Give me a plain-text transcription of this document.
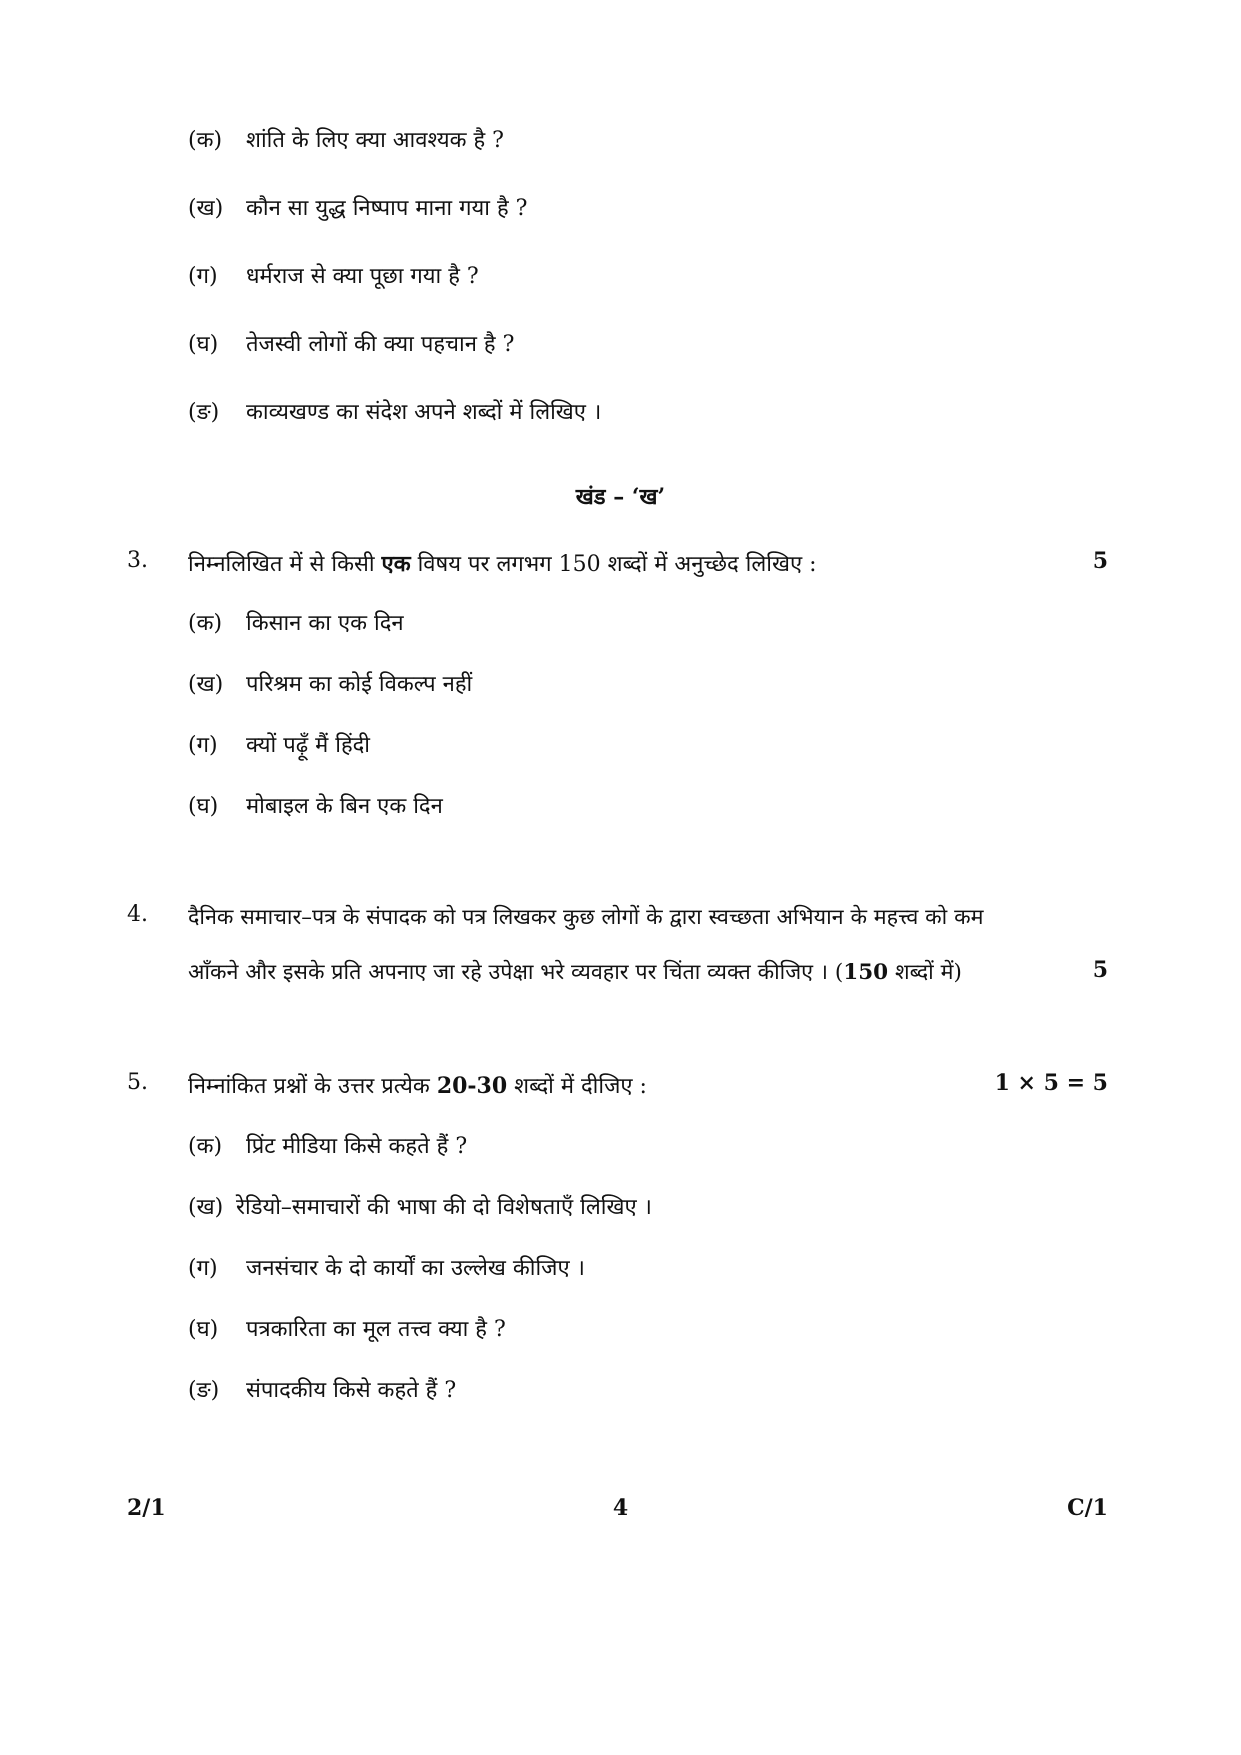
(क) शांति के लिए क्या आवश्यक है ?
(ख) कौन सा युद्ध निष्पाप माना गया है ?
(ग) धर्मराज से क्या पूछा गया है ?
(घ) तेजस्वी लोगों की क्या पहचान है ?
(ङ) काव्यखण्ड का संदेश अपने शब्दों में लिखिए ।
खंड – ‘ख’
3. निम्नलिखित में से किसी एक विषय पर लगभग 150 शब्दों में अनुच्छेद लिखिए :	5
(क) किसान का एक दिन
(ख) परिश्रम का कोई विकल्प नहीं
(ग) क्यों पढ़ूँ मैं हिंदी
(घ) मोबाइल के बिन एक दिन
4. दैनिक समाचार–पत्र के संपादक को पत्र लिखकर कुछ लोगों के द्वारा स्वच्छता अभियान के महत्त्व को कम
आँकने और इसके प्रति अपनाए जा रहे उपेक्षा भरे व्यवहार पर चिंता व्यक्त कीजिए । (150 शब्दों में)	5
5. निम्नांकित प्रश्नों के उत्तर प्रत्येक 20-30 शब्दों में दीजिए :	1 × 5 = 5
(क) प्रिंट मीडिया किसे कहते हैं ?
(ख) रेडियो–समाचारों की भाषा की दो विशेषताएँ लिखिए ।
(ग) जनसंचार के दो कार्यों का उल्लेख कीजिए ।
(घ) पत्रकारिता का मूल तत्त्व क्या है ?
(ङ) संपादकीय किसे कहते हैं ?
2/1	4	C/1
